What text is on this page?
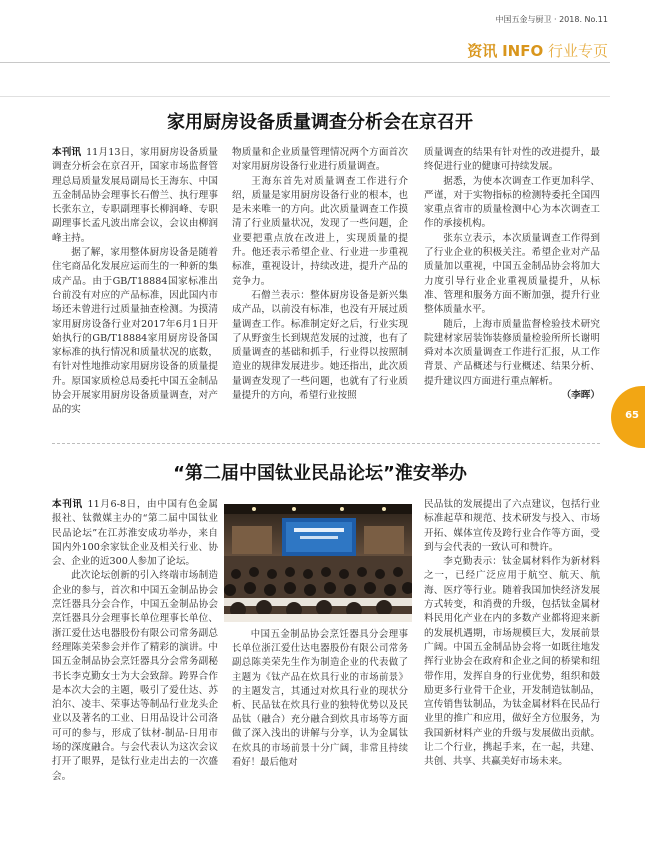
中国五金与厨卫 · 2018. No.11
资讯 INFO 行业专页
家用厨房设备质量调查分析会在京召开

本刊讯 11月13日，家用厨房设备质量调查分析会在京召开，国家市场监督管理总局质量发展局副局长王海东、中国五金制品协会理事长石僧兰、执行理事长张东立，专职副理事长柳润峰、专职副理事长孟凡波出席会议，会议由柳润峰主持。

据了解，家用整体厨房设备是随着住宅商品化发展应运而生的一种新的集成产品。由于GB/T18884国家标准出台前没有对应的产品标准，因此国内市场还未曾进行过质量抽查检测。为摸清家用厨房设备行业对2017年6月1日开始执行的GB/T18884家用厨房设备国家标准的执行情况和质量状况的底数，有针对性地推动家用厨房设备的质量提升。原国家质检总局委托中国五金制品协会开展家用厨房设备质量调查，对产品的实

物质量和企业质量管理情况两个方面首次对家用厨房设备行业进行质量调查。

王海东首先对质量调查工作进行介绍，质量是家用厨房设备行业的根本，也是未来唯一的方向。此次质量调查工作摸清了行业质量状况，发现了一些问题，企业要把重点放在改进上，实现质量的提升。他还表示希望企业、行业进一步重视标准，重视设计，持续改进，提升产品的竞争力。

石僧兰表示：整体厨房设备是新兴集成产品，以前没有标准，也没有开展过质量调查工作。标准制定好之后，行业实现了从野蛮生长到规范发展的过渡，也有了质量调查的基础和抓手，行业得以按照制造业的规律发展进步。她还指出，此次质量调查发现了一些问题，也就有了行业质量提升的方向，希望行业按照

质量调查的结果有针对性的改进提升，最终促进行业的健康可持续发展。

据悉，为使本次调查工作更加科学、严谨，对于实物指标的检测特委托全国四家重点省市的质量检测中心为本次调查工作的承接机构。

张东立表示，本次质量调查工作得到了行业企业的积极关注。希望企业对产品质量加以重视，中国五金制品协会将加大力度引导行业企业重视质量提升，从标准、管理和服务方面不断加强，提升行业整体质量水平。

随后，上海市质量监督检验技术研究院建材家居装饰装修质量检验所所长谢明舜对本次质量调查工作进行汇报，从工作背景、产品概述与行业概述、结果分析、提升建议四方面进行重点解析。
（李晖）

65
“第二届中国钛业民品论坛”淮安举办

本刊讯 11月6-8日，由中国有色金属报社、钛微媒主办的“第二届中国钛业民品论坛”在江苏淮安成功举办，来自国内外100余家钛企业及相关行业、协会、企业的近300人参加了论坛。

此次论坛创新的引入终端市场制造企业的参与，首次和中国五金制品协会烹饪器具分会合作，中国五金制品协会烹饪器具分会理事长单位理事长单位、浙江爱仕达电器股份有限公司常务副总经理陈美荣参会并作了精彩的演讲。中国五金制品协会烹饪器具分会常务副秘书长李克勤女士为大会致辞。跨界合作是本次大会的主题，吸引了爱仕达、苏泊尔、凌丰、荣事达等制品行业龙头企业以及著名的工业、日用品设计公司洛可可的参与，形成了钛材-制品-日用市场的深度融合。与会代表认为这次会议打开了眼界，是钛行业走出去的一次盛会。

中国五金制品协会烹饪器具分会理事长单位浙江爱仕达电器股份有限公司常务副总陈美荣先生作为制造企业的代表做了主题为《钛产品在炊具行业的市场前景》的主题发言，其通过对炊具行业的现状分析、民品钛在炊具行业的独特优势以及民品钛（融合）充分融合到炊具市场等方面做了深入浅出的讲解与分享，认为金属钛在炊具的市场前景十分广阔，非常且持续看好！最后他对

民品钛的发展提出了六点建议，包括行业标准起草和规范、技术研发与投入、市场开拓、媒体宣传及跨行业合作等方面，受到与会代表的一致认可和赞许。

李克勤表示：钛金属材料作为新材料之一，已经广泛应用于航空、航天、航海、医疗等行业。随着我国加快经济发展方式转变，和消费的升级，包括钛金属材料民用化产业在内的多数产业都将迎来新的发展机遇期，市场规模巨大，发展前景广阔。中国五金制品协会将一如既往地发挥行业协会在政府和企业之间的桥梁和纽带作用，发挥自身的行业优势，组织和鼓励更多行业骨干企业，开发制造钛制品，宣传销售钛制品，为钛金属材料在民品行业里的推广和应用，做好全方位服务，为我国新材料产业的升级与发展做出贡献。让二个行业，携起手来，在一起，共建、共创、共享、共赢美好市场未来。
